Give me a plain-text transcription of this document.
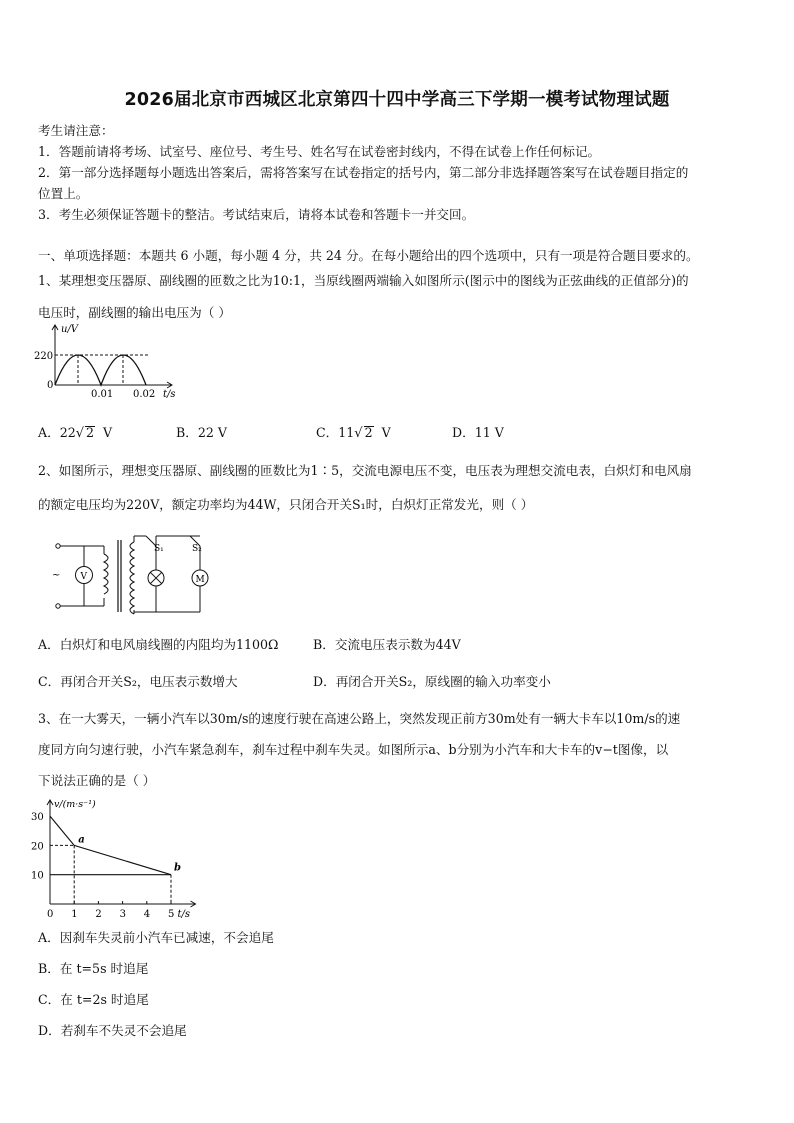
2026届北京市西城区北京第四十四中学高三下学期一模考试物理试题
考生请注意：
1．答题前请将考场、试室号、座位号、考生号、姓名写在试卷密封线内，不得在试卷上作任何标记。
2．第一部分选择题每小题选出答案后，需将答案写在试卷指定的括号内，第二部分非选择题答案写在试卷题目指定的
位置上。
3．考生必须保证答题卡的整洁。考试结束后，请将本试卷和答题卡一并交回。
一、单项选择题：本题共 6 小题，每小题 4 分，共 24 分。在每小题给出的四个选项中，只有一项是符合题目要求的。
1、某理想变压器原、副线圈的匝数之比为10:1，当原线圈两端输入如图所示(图示中的图线为正弦曲线的正值部分)的
电压时，副线圈的输出电压为（ ）
u/V
220
0
0.01 0.02 t/s
A．22√ 2 V	B．22 V	C．11√ 2 V	D．11 V
2、如图所示，理想变压器原、副线圈的匝数比为1∶5，交流电源电压不变，电压表为理想交流电表，白炽灯和电风扇
的额定电压均为220V，额定功率均为44W，只闭合开关S₁时，白炽灯正常发光，则（ ）
V	M
S₁	S₂
~
A．白炽灯和电风扇线圈的内阻均为1100Ω	B．交流电压表示数为44V
C．再闭合开关S₂，电压表示数增大	D．再闭合开关S₂，原线圈的输入功率变小
3、在一大雾天，一辆小汽车以30m/s的速度行驶在高速公路上，突然发现正前方30m处有一辆大卡车以10m/s的速
度同方向匀速行驶，小汽车紧急刹车，刹车过程中刹车失灵。如图所示a、b分别为小汽车和大卡车的v−t图像，以
下说法正确的是（ ）
v/(m·s⁻¹)
t/s
0 1 2 3 4 5
10
20
30
a
b
A．因刹车失灵前小汽车已减速，不会追尾
B．在 t=5s 时追尾
C．在 t=2s 时追尾
D．若刹车不失灵不会追尾
